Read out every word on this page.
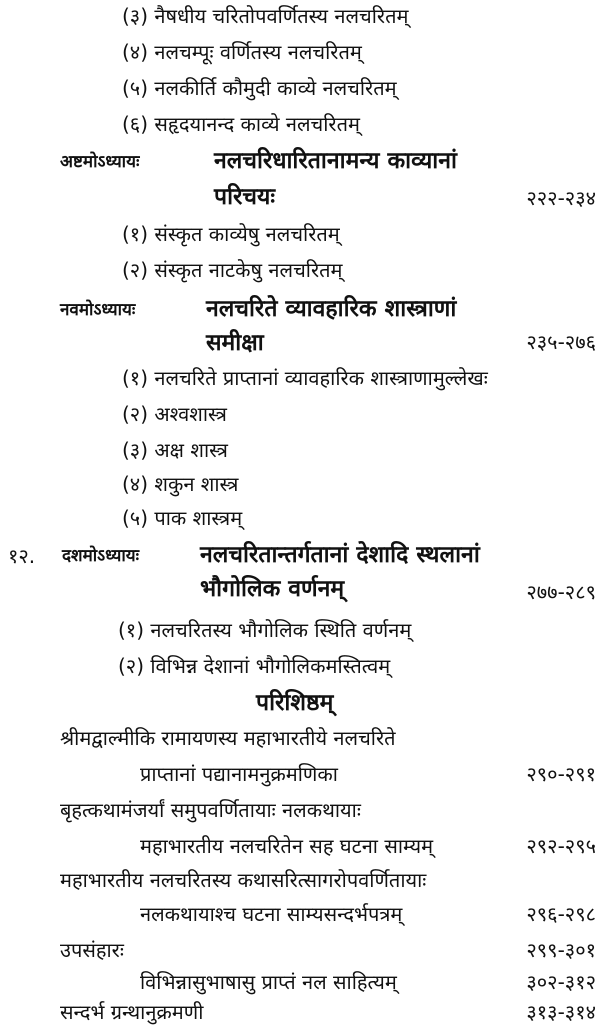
(३) नैषधीय चरितोपवर्णितस्य नलचरितम्
(४) नलचम्पूः वर्णितस्य नलचरितम्
(५) नलकीर्ति कौमुदी काव्ये नलचरितम्
(६) सहृदयानन्द काव्ये नलचरितम्
अष्टमोऽध्यायः	नलचरिधारितानामन्य काव्यानां
परिचयः	२२२-२३४
(१) संस्कृत काव्येषु नलचरितम्
(२) संस्कृत नाटकेषु नलचरितम्
नवमोऽध्यायः	नलचरिते व्यावहारिक शास्त्राणां
समीक्षा	२३५-२७६
(१) नलचरिते प्राप्तानां व्यावहारिक शास्त्राणामुल्लेखः
(२) अश्वशास्त्र
(३) अक्ष शास्त्र
(४) शकुन शास्त्र
(५) पाक शास्त्रम्
१२. दशमोऽध्यायः	नलचरितान्तर्गतानां देशादि स्थलानां
भौगोलिक वर्णनम्	२७७-२८९
(१) नलचरितस्य भौगोलिक स्थिति वर्णनम्
(२) विभिन्न देशानां भौगोलिकमस्तित्वम्
परिशिष्ठम्
श्रीमद्वाल्मीकि रामायणस्य महाभारतीये नलचरिते
प्राप्तानां पद्यानामनुक्रमणिका	२९०-२९१
बृहत्कथामंजर्यां समुपवर्णितायाः नलकथायाः
महाभारतीय नलचरितेन सह घटना साम्यम्	२९२-२९५
महाभारतीय नलचरितस्य कथासरित्सागरोपवर्णितायाः
नलकथायाश्च घटना साम्यसन्दर्भपत्रम्	२९६-२९८
उपसंहारः	२९९-३०१
विभिन्नासुभाषासु प्राप्तं नल साहित्यम्	३०२-३१२
सन्दर्भ ग्रन्थानुक्रमणी	३१३-३१४
